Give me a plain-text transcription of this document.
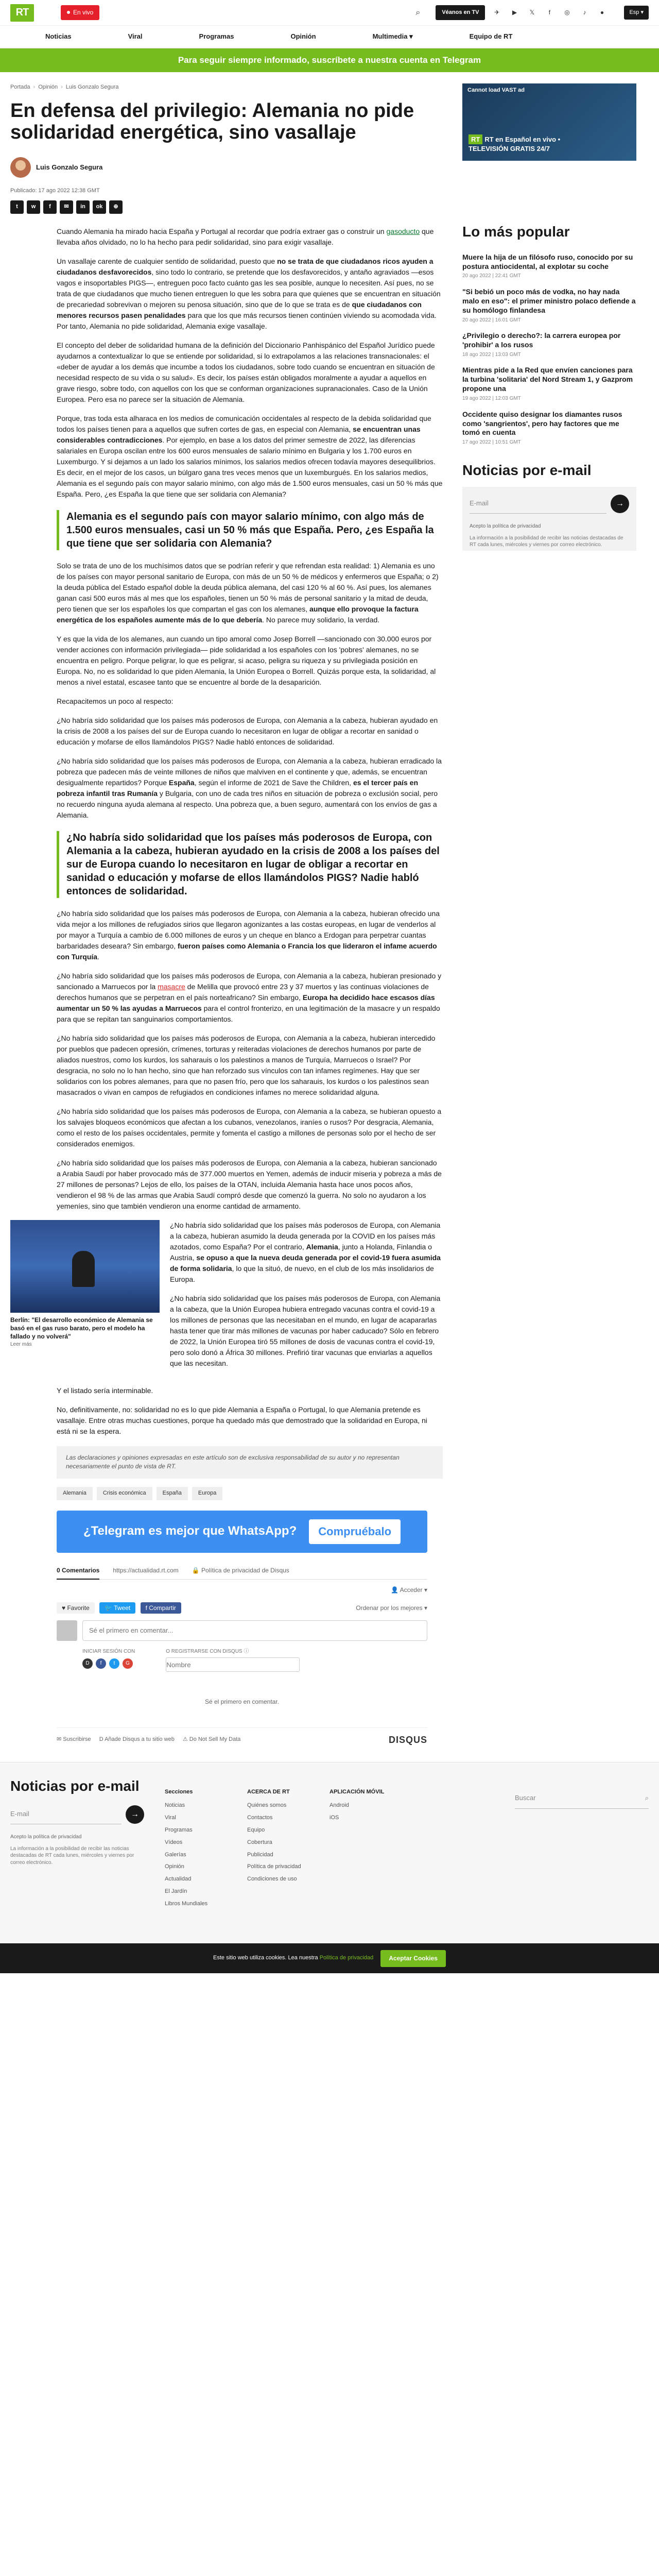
RT	En vivo	⌕	Véanos en TV	✈	▶	𝕏	f	◎	♪	●	Esp ▾
Noticias	Viral	Programas	Opinión	Multimedia ▾	Equipo de RT
Para seguir siempre informado, suscríbete a nuestra cuenta en Telegram
Portada › Opinión › Luis Gonzalo Segura
En defensa del privilegio: Alemania no pide solidaridad energética, sino vasallaje
Luis Gonzalo Segura
Publicado: 17 ago 2022 12:38 GMT
t	w	f	✉	in	ok	⊕

Cuando Alemania ha mirado hacia España y Portugal al recordar que podría extraer gas o construir un gasoducto que llevaba años olvidado, no lo ha hecho para pedir solidaridad, sino para exigir vasallaje.

Un vasallaje carente de cualquier sentido de solidaridad, puesto que no se trata de que ciudadanos ricos ayuden a ciudadanos desfavorecidos, sino todo lo contrario, se pretende que los desfavorecidos, y antaño agraviados —esos vagos e insoportables PIGS—, entreguen poco facto cuánto gas les sea posible, aunque lo necesiten. Así pues, no se trata de que ciudadanos que mucho tienen entreguen lo que les sobra para que quienes que se encuentran en situación de precariedad sobrevivan o mejoren su penosa situación, sino que de lo que se trata es de que ciudadanos con menores recursos pasen penalidades para que los que más recursos tienen continúen viviendo su acomodada vida. Por tanto, Alemania no pide solidaridad, Alemania exige vasallaje.

El concepto del deber de solidaridad humana de la definición del Diccionario Panhispánico del Español Jurídico puede ayudarnos a contextualizar lo que se entiende por solidaridad, si lo extrapolamos a las relaciones transnacionales: el «deber de ayudar a los demás que incumbe a todos los ciudadanos, sobre todo cuando se encuentran en situación de necesidad respecto de su vida o su salud». Es decir, los países están obligados moralmente a ayudar a aquellos en grave riesgo, sobre todo, con aquellos con los que se conforman organizaciones supranacionales. Caso de la Unión Europea. Pero esa no parece ser la situación de Alemania.

Porque, tras toda esta alharaca en los medios de comunicación occidentales al respecto de la debida solidaridad que todos los países tienen para a aquellos que sufren cortes de gas, en especial con Alemania, se encuentran unas considerables contradicciones. Por ejemplo, en base a los datos del primer semestre de 2022, las diferencias salariales en Europa oscilan entre los 600 euros mensuales de salario mínimo en Bulgaria y los 1.700 euros en Luxemburgo. Y si dejamos a un lado los salarios mínimos, los salarios medios ofrecen todavía mayores desequilibrios. Es decir, en el mejor de los casos, un búlgaro gana tres veces menos que un luxemburgués. En los salarios medios, Alemania es el segundo país con mayor salario mínimo, con algo más de 1.500 euros mensuales, casi un 50 % más que España. Pero, ¿es España la que tiene que ser solidaria con Alemania?

Alemania es el segundo país con mayor salario mínimo, con algo más de 1.500 euros mensuales, casi un 50 % más que España. Pero, ¿es España la que tiene que ser solidaria con Alemania?

Solo se trata de uno de los muchísimos datos que se podrían referir y que refrendan esta realidad: 1) Alemania es uno de los países con mayor personal sanitario de Europa, con más de un 50 % de médicos y enfermeros que España; o 2) la deuda pública del Estado español doble la deuda pública alemana, del casi 120 % al 60 %. Así pues, los alemanes ganan casi 500 euros más al mes que los españoles, tienen un 50 % más de personal sanitario y la mitad de deuda, pero tienen que ser los españoles los que compartan el gas con los alemanes, aunque ello provoque la factura energética de los españoles aumente más de lo que debería. No parece muy solidario, la verdad.

Y es que la vida de los alemanes, aun cuando un tipo amoral como Josep Borrell —sancionado con 30.000 euros por vender acciones con información privilegiada— pide solidaridad a los españoles con los 'pobres' alemanes, no se encuentra en peligro. Porque peligrar, lo que es peligrar, si acaso, peligra su riqueza y su privilegiada posición en Europa. No, no es solidaridad lo que piden Alemania, la Unión Europea o Borrell. Quizás porque esta, la solidaridad, al menos a nivel estatal, escasee tanto que se encuentre al borde de la desaparición.

Recapacitemos un poco al respecto:

¿No habría sido solidaridad que los países más poderosos de Europa, con Alemania a la cabeza, hubieran ayudado en la crisis de 2008 a los países del sur de Europa cuando lo necesitaron en lugar de obligar a recortar en sanidad o educación y mofarse de ellos llamándolos PIGS? Nadie habló entonces de solidaridad.

¿No habría sido solidaridad que los países más poderosos de Europa, con Alemania a la cabeza, hubieran erradicado la pobreza que padecen más de veinte millones de niños que malviven en el continente y que, además, se encuentran desigualmente repartidos? Porque España, según el informe de 2021 de Save the Children, es el tercer país en pobreza infantil tras Rumanía y Bulgaria, con uno de cada tres niños en situación de pobreza o exclusión social, pero no recuerdo ninguna ayuda alemana al respecto. Una pobreza que, a buen seguro, aumentará con los envíos de gas a Alemania.

¿No habría sido solidaridad que los países más poderosos de Europa, con Alemania a la cabeza, hubieran ayudado en la crisis de 2008 a los países del sur de Europa cuando lo necesitaron en lugar de obligar a recortar en sanidad o educación y mofarse de ellos llamándolos PIGS? Nadie habló entonces de solidaridad.

¿No habría sido solidaridad que los países más poderosos de Europa, con Alemania a la cabeza, hubieran ofrecido una vida mejor a los millones de refugiados sirios que llegaron agonizantes a las costas europeas, en lugar de venderlos al por mayor a Turquía a cambio de 6.000 millones de euros y un cheque en blanco a Erdogan para perpetrar cuantas barbaridades deseara? Sin embargo, fueron países como Alemania o Francia los que lideraron el infame acuerdo con Turquía.

¿No habría sido solidaridad que los países más poderosos de Europa, con Alemania a la cabeza, hubieran presionado y sancionado a Marruecos por la masacre de Melilla que provocó entre 23 y 37 muertos y las continuas violaciones de derechos humanos que se perpetran en el país norteafricano? Sin embargo, Europa ha decidido hace escasos días aumentar un 50 % las ayudas a Marruecos para el control fronterizo, en una legitimación de la masacre y un respaldo para que se repitan tan sanguinarios comportamientos.

¿No habría sido solidaridad que los países más poderosos de Europa, con Alemania a la cabeza, hubieran intercedido por pueblos que padecen opresión, crímenes, torturas y reiteradas violaciones de derechos humanos por parte de aliados nuestros, como los kurdos, los saharauis o los palestinos a manos de Turquía, Marruecos o Israel? Por desgracia, no solo no lo han hecho, sino que han reforzado sus vínculos con tan infames regímenes. Hay que ser solidarios con los pobres alemanes, para que no pasen frío, pero que los saharauis, los kurdos o los palestinos sean masacrados o vivan en campos de refugiados en condiciones infames no merece solidaridad alguna.

¿No habría sido solidaridad que los países más poderosos de Europa, con Alemania a la cabeza, se hubieran opuesto a los salvajes bloqueos económicos que afectan a los cubanos, venezolanos, iraníes o rusos? Por desgracia, Alemania, como el resto de los países occidentales, permite y fomenta el castigo a millones de personas solo por el hecho de ser considerados enemigos.

¿No habría sido solidaridad que los países más poderosos de Europa, con Alemania a la cabeza, hubieran sancionado a Arabia Saudí por haber provocado más de 377.000 muertos en Yemen, además de inducir miseria y pobreza a más de 27 millones de personas? Lejos de ello, los países de la OTAN, incluida Alemania hasta hace unos pocos años, vendieron el 98 % de las armas que Arabia Saudí compró desde que comenzó la guerra. No solo no ayudaron a los yemeníes, sino que también vendieron una enorme cantidad de armamento.

Berlín: "El desarrollo económico de Alemania se basó en el gas ruso barato, pero el modelo ha fallado y no volverá"
Leer más

¿No habría sido solidaridad que los países más poderosos de Europa, con Alemania a la cabeza, hubieran asumido la deuda generada por la COVID en los países más azotados, como España? Por el contrario, Alemania, junto a Holanda, Finlandia o Austria, se opuso a que la nueva deuda generada por el covid-19 fuera asumida de forma solidaria, lo que la situó, de nuevo, en el club de los más insolidarios de Europa.

¿No habría sido solidaridad que los países más poderosos de Europa, con Alemania a la cabeza, que la Unión Europea hubiera entregado vacunas contra el covid-19 a los millones de personas que las necesitaban en el mundo, en lugar de acapararlas hasta tener que tirar más millones de vacunas por haber caducado? Sólo en febrero de 2022, la Unión Europea tiró 55 millones de dosis de vacunas contra el covid-19, pero solo donó a África 30 millones. Prefirió tirar vacunas que enviarlas a aquellos que las necesitan.

Y el listado sería interminable.

No, definitivamente, no: solidaridad no es lo que pide Alemania a España o Portugal, lo que Alemania pretende es vasallaje. Entre otras muchas cuestiones, porque ha quedado más que demostrado que la solidaridad en Europa, ni está ni se la espera.

Las declaraciones y opiniones expresadas en este artículo son de exclusiva responsabilidad de su autor y no representan necesariamente el punto de vista de RT.
Alemania	Crisis económica	España	Europa
¿Telegram es mejor que WhatsApp?	Compruébalo
0 Comentarios https://actualidad.rt.com 🔒 Política de privacidad de Disqus
👤 Acceder ▾
♥ Favorite 🐦 Tweet f Compartir	Ordenar por los mejores ▾
Sé el primero en comentar...
INICIAR SESIÓN CON
D	f	t	G
O REGISTRARSE CON DISQUS ⓘ
Nombre
Sé el primero en comentar.
✉ Suscribirse D Añade Disqus a tu sitio web ⚠ Do Not Sell My Data	DISQUS
Cannot load VAST ad
RT RT en Español en vivo •
TELEVISIÓN GRATIS 24/7
Lo más popular
Muere la hija de un filósofo ruso, conocido por su postura antiocidental, al explotar su coche
20 ago 2022 | 22:41 GMT
"Si bebió un poco más de vodka, no hay nada malo en eso": el primer ministro polaco defiende a su homólogo finlandesa
20 ago 2022 | 16:01 GMT
¿Privilegio o derecho?: la carrera europea por 'prohibir' a los rusos
18 ago 2022 | 13:03 GMT
Mientras pide a la Red que envíen canciones para la turbina 'solitaria' del Nord Stream 1, y Gazprom propone una
19 ago 2022 | 12:03 GMT
Occidente quiso designar los diamantes rusos como 'sangrientos', pero hay factores que me tomó en cuenta
17 ago 2022 | 10:51 GMT
Noticias por e-mail
E-mail	→
Acepto la política de privacidad
La información a la posibilidad de recibir las noticias destacadas de RT cada lunes, miércoles y viernes por correo electrónico.
Noticias por e-mail
E-mail	→
Acepto la política de privacidad
La información a la posibilidad de recibir las noticias destacadas de RT cada lunes, miércoles y viernes por correo electrónico.
Secciones
Noticias
Viral
Programas
Vídeos
Galerías
Opinión
Actualidad
El Jardín
Libros Mundiales
ACERCA DE RT
Quiénes somos
Contactos
Equipo
Cobertura
Publicidad
Política de privacidad
Condiciones de uso
APLICACIÓN MÓVIL
Android
iOS
Buscar	⌕
Este sitio web utiliza cookies. Lea nuestra Política de privacidad	Aceptar Cookies
